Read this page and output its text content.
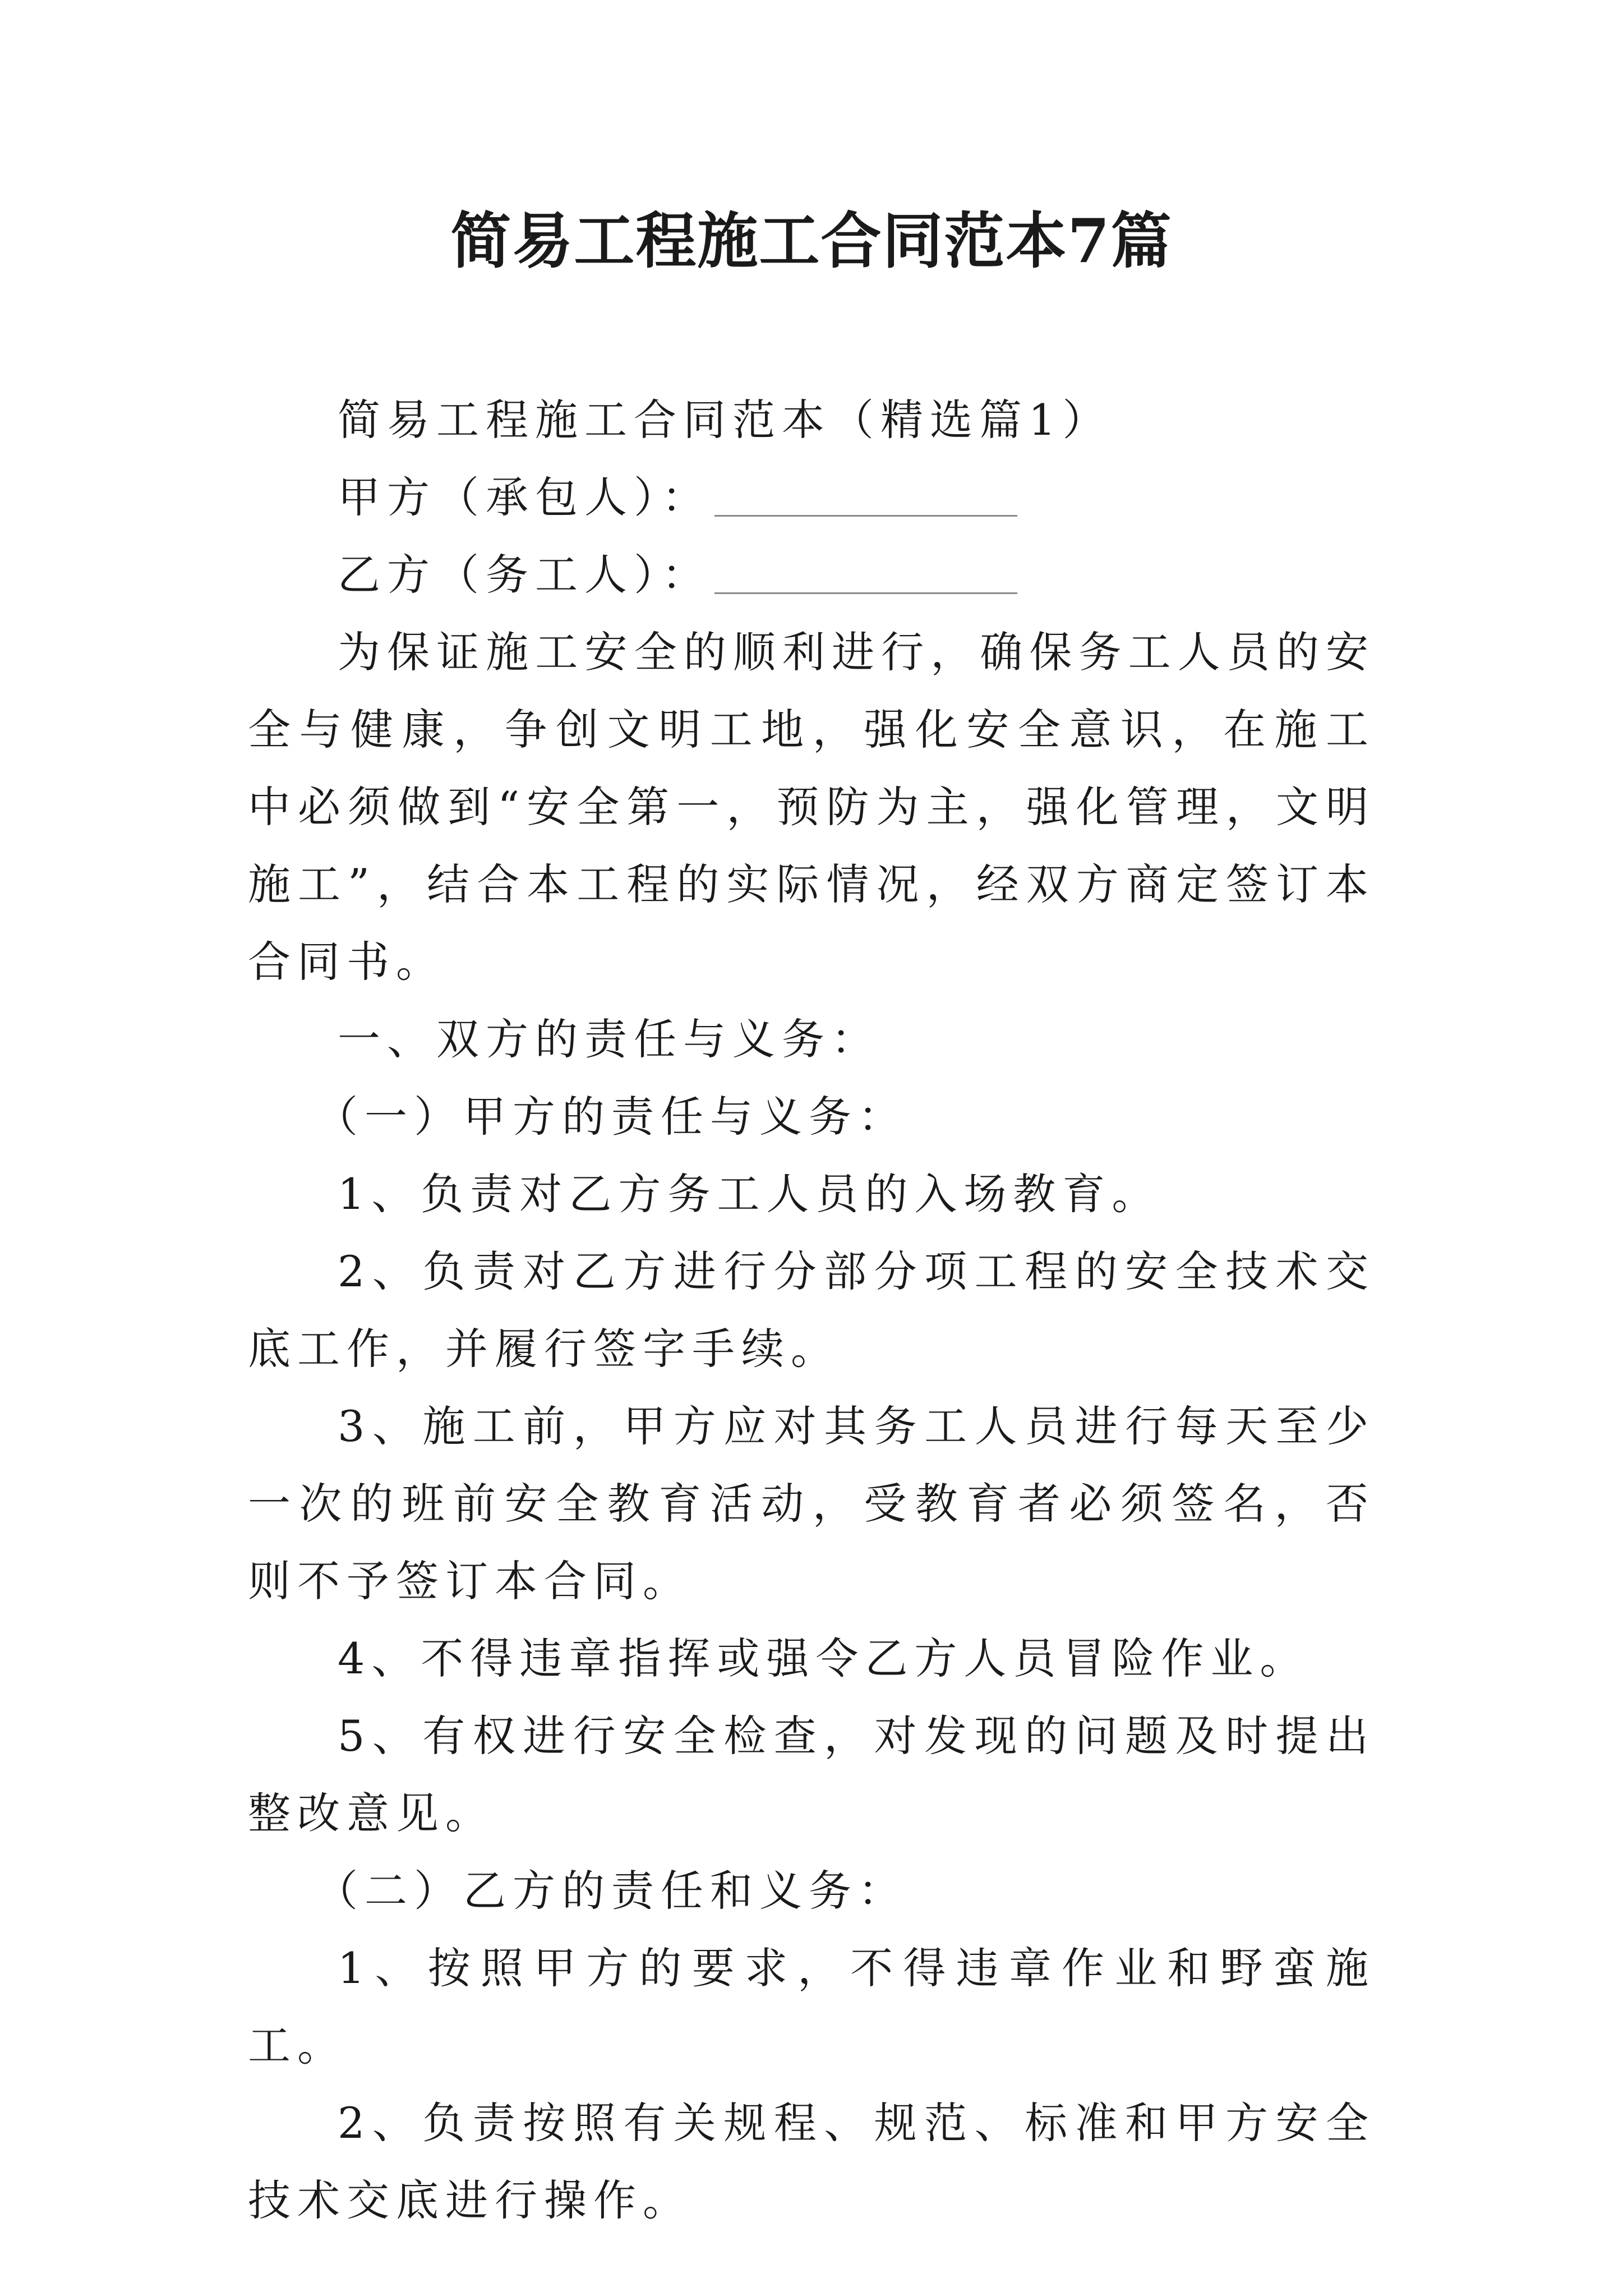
简易工程施工合同范本7篇

简易工程施工合同范本（精选篇1）

甲方（承包人）：

乙方（务工人）：

为保证施工安全的顺利进行，确保务工人员的安全与健康，争创文明工地，强化安全意识，在施工中必须做到“安全第一，预防为主，强化管理，文明施工”，结合本工程的实际情况，经双方商定签订本合同书。

一、双方的责任与义务：

（一）甲方的责任与义务：

1、负责对乙方务工人员的入场教育。

2、负责对乙方进行分部分项工程的安全技术交底工作，并履行签字手续。

3、施工前，甲方应对其务工人员进行每天至少一次的班前安全教育活动，受教育者必须签名，否则不予签订本合同。

4、不得违章指挥或强令乙方人员冒险作业。

5、有权进行安全检查，对发现的问题及时提出整改意见。

（二）乙方的责任和义务：

1、按照甲方的要求，不得违章作业和野蛮施工。

2、负责按照有关规程、规范、标准和甲方安全技术交底进行操作。
